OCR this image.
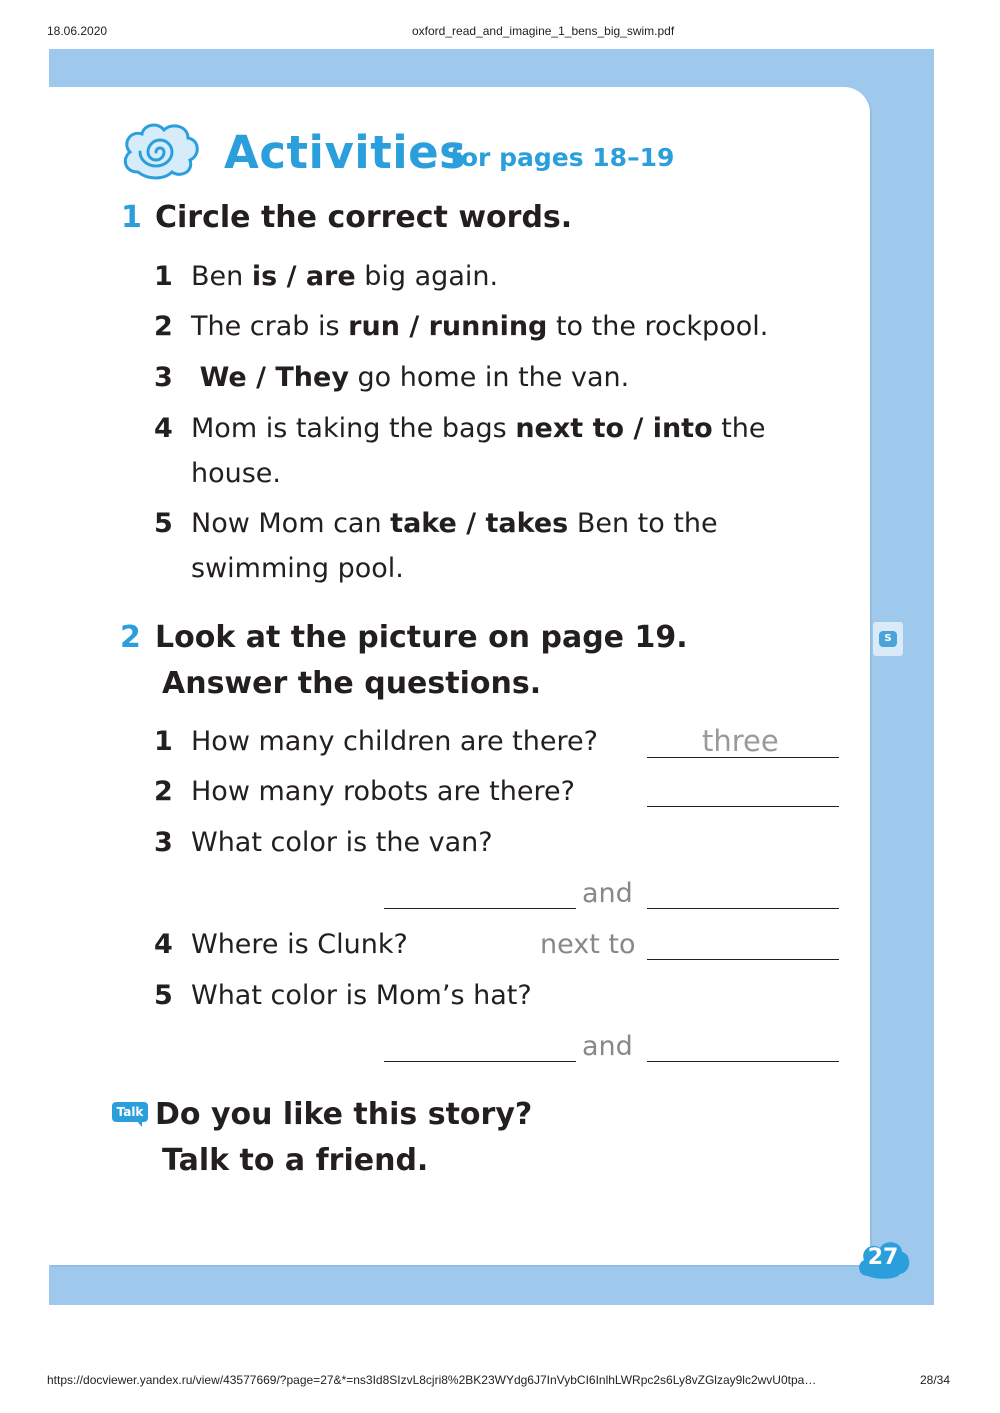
18.06.2020	oxford_read_and_imagine_1_bens_big_swim.pdf
https://docviewer.yandex.ru/view/43577669/?page=27&*=ns3Id8SIzvL8cjri8%2BK23WYdg6J7InVybCI6InlhLWRpc2s6Ly8vZGlzay9lc2wvU0tpa…	28/34
S
Activities
for pages 18–19
1 Circle the correct words.
1 Ben is / are big again.
2 The crab is run / running to the rockpool.
3 We / They go home in the van.
4 Mom is taking the bags next to / into the
house.
5 Now Mom can take / takes Ben to the
swimming pool.
2 Look at the picture on page 19.
Answer the questions.
1 How many children are there?	three
2 How many robots are there?
3 What color is the van?
and
4 Where is Clunk?	next to
5 What color is Mom’s hat?
and
Talk Do you like this story?
Talk to a friend.
27
